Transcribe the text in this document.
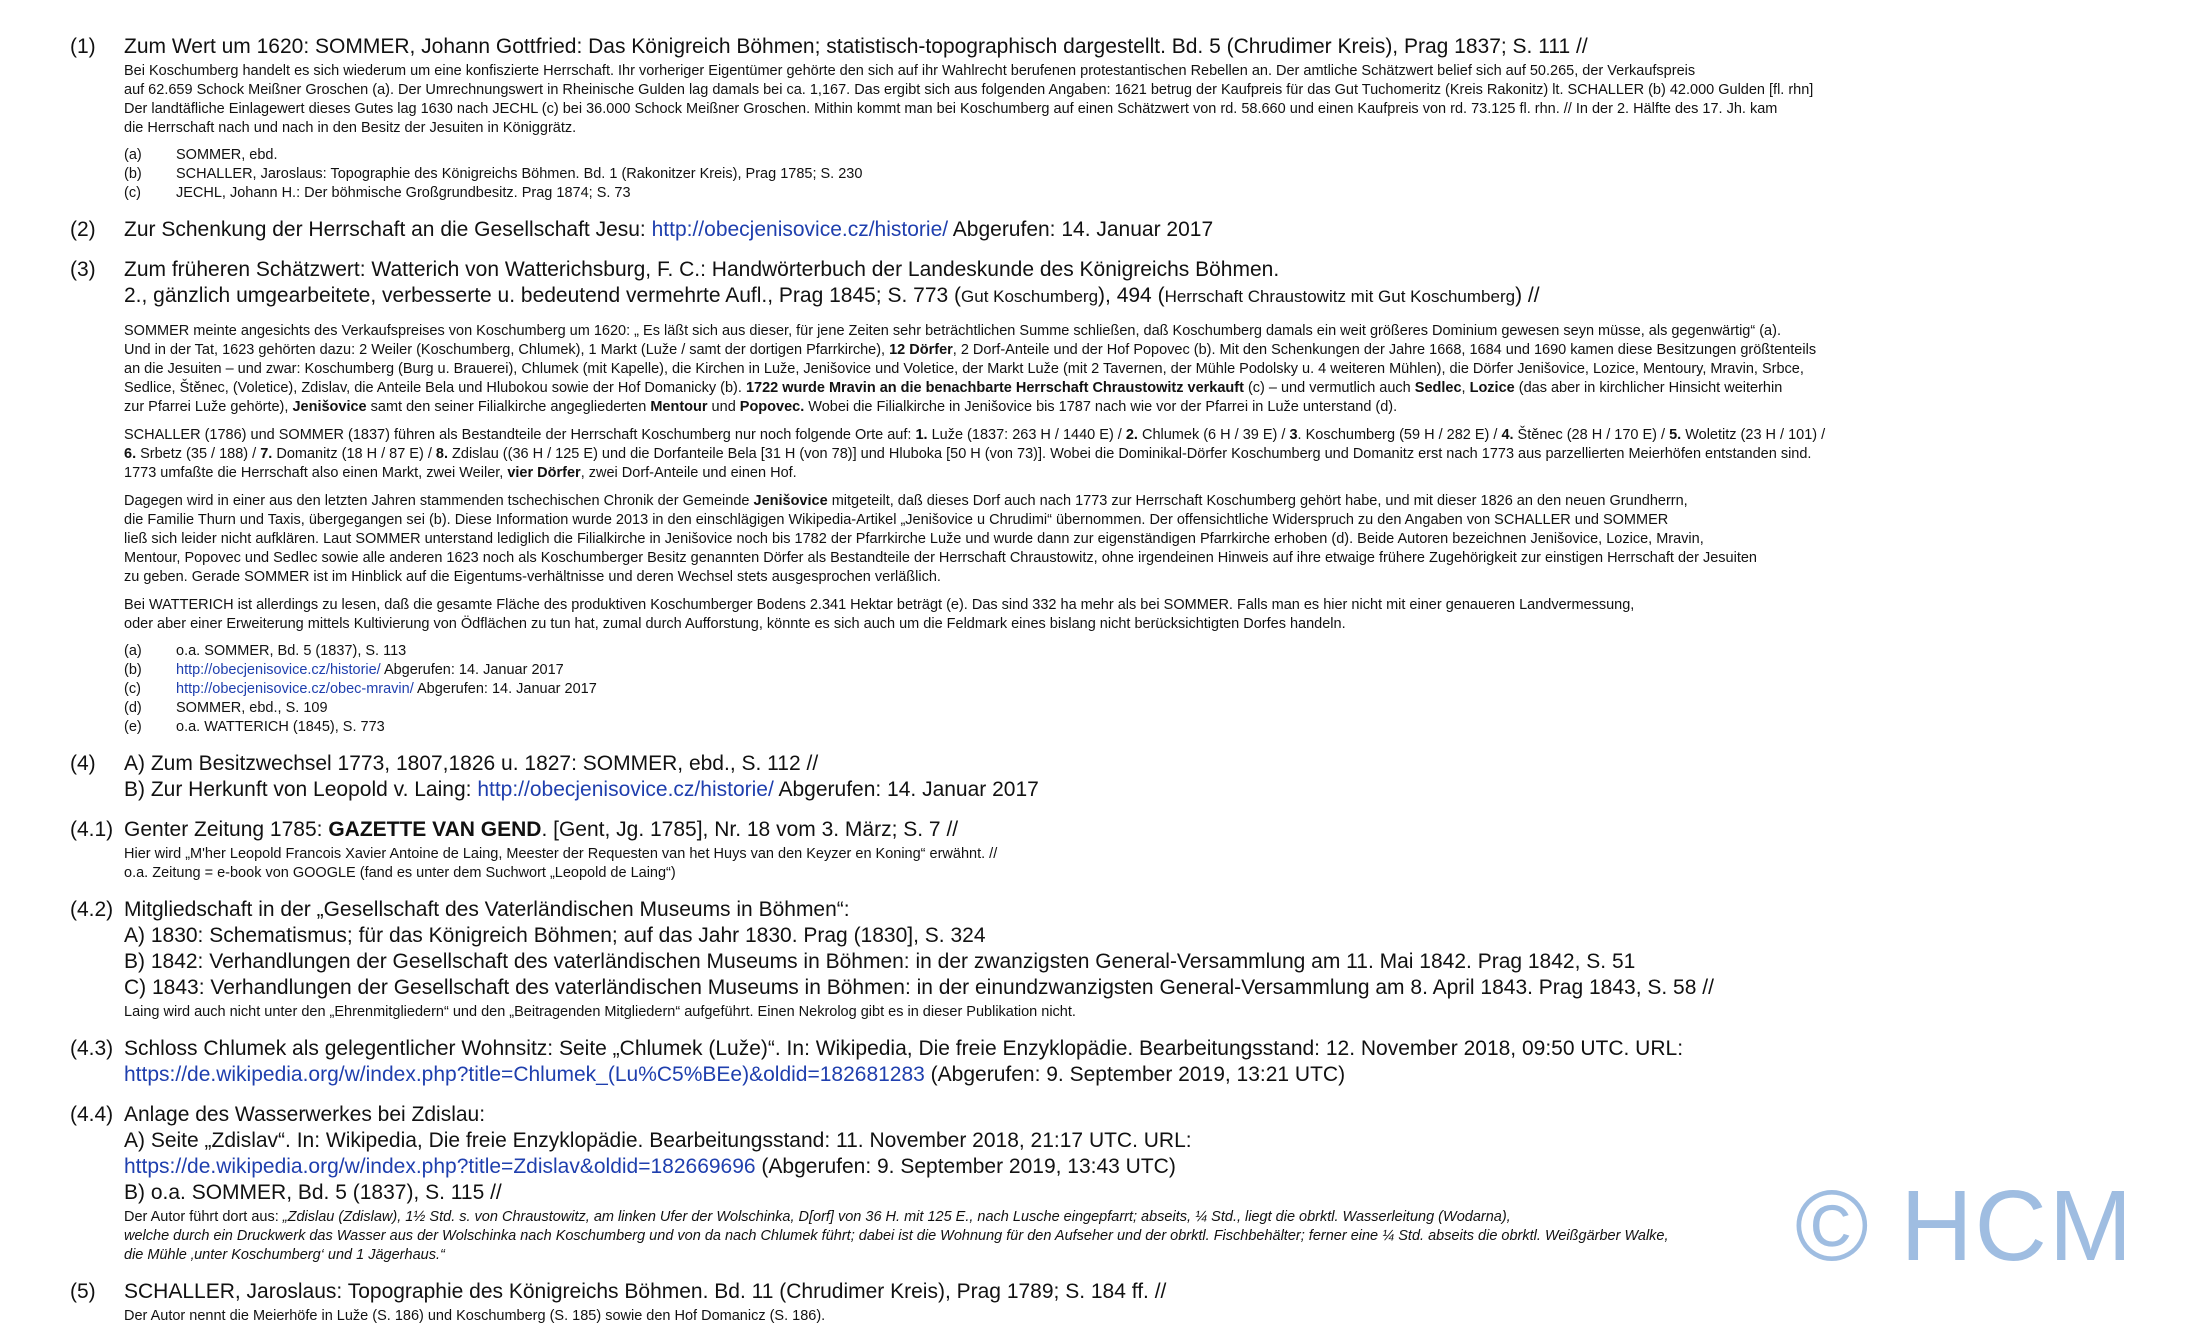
(1)	Zum Wert um 1620: SOMMER, Johann Gottfried: Das Königreich Böhmen; statistisch-topographisch dargestellt. Bd. 5 (Chrudimer Kreis), Prag 1837; S. 111 //
Bei Koschumberg handelt es sich wiederum um eine konfiszierte Herrschaft. Ihr vorheriger Eigentümer gehörte den sich auf ihr Wahlrecht berufenen protestantischen Rebellen an. Der amtliche Schätzwert belief sich auf 50.265, der Verkaufspreis
auf 62.659 Schock Meißner Groschen (a). Der Umrechnungswert in Rheinische Gulden lag damals bei ca. 1,167. Das ergibt sich aus folgenden Angaben: 1621 betrug der Kaufpreis für das Gut Tuchomeritz (Kreis Rakonitz) lt. SCHALLER (b) 42.000 Gulden [fl. rhn]
Der landtäfliche Einlagewert dieses Gutes lag 1630 nach JECHL (c) bei 36.000 Schock Meißner Groschen. Mithin kommt man bei Koschumberg auf einen Schätzwert von rd. 58.660 und einen Kaufpreis von rd. 73.125 fl. rhn. // In der 2. Hälfte des 17. Jh. kam
die Herrschaft nach und nach in den Besitz der Jesuiten in Königgrätz.
(a)	SOMMER, ebd.
(b)	SCHALLER, Jaroslaus: Topographie des Königreichs Böhmen. Bd. 1 (Rakonitzer Kreis), Prag 1785; S. 230
(c)	JECHL, Johann H.: Der böhmische Großgrundbesitz. Prag 1874; S. 73
(2)	Zur Schenkung der Herrschaft an die Gesellschaft Jesu: http://obecjenisovice.cz/historie/ Abgerufen: 14. Januar 2017
(3)	Zum früheren Schätzwert: Watterich von Watterichsburg, F. C.: Handwörterbuch der Landeskunde des Königreichs Böhmen.
2., gänzlich umgearbeitete, verbesserte u. bedeutend vermehrte Aufl., Prag 1845; S. 773 (Gut Koschumberg), 494 (Herrschaft Chraustowitz mit Gut Koschumberg) //

SOMMER meinte angesichts des Verkaufspreises von Koschumberg um 1620: „ Es läßt sich aus dieser, für jene Zeiten sehr beträchtlichen Summe schließen, daß Koschumberg damals ein weit größeres Dominium gewesen seyn müsse, als gegenwärtig“ (a).
Und in der Tat, 1623 gehörten dazu: 2 Weiler (Koschumberg, Chlumek), 1 Markt (Luže / samt der dortigen Pfarrkirche), 12 Dörfer, 2 Dorf-Anteile und der Hof Popovec (b). Mit den Schenkungen der Jahre 1668, 1684 und 1690 kamen diese Besitzungen größtenteils
an die Jesuiten – und zwar: Koschumberg (Burg u. Brauerei), Chlumek (mit Kapelle), die Kirchen in Luže, Jenišovice und Voletice, der Markt Luže (mit 2 Tavernen, der Mühle Podolsky u. 4 weiteren Mühlen), die Dörfer Jenišovice, Lozice, Mentoury, Mravin, Srbce,
Sedlice, Štěnec, (Voletice), Zdislav, die Anteile Bela und Hlubokou sowie der Hof Domanicky (b). 1722 wurde Mravin an die benachbarte Herrschaft Chraustowitz verkauft (c) – und vermutlich auch Sedlec, Lozice (das aber in kirchlicher Hinsicht weiterhin
zur Pfarrei Luže gehörte), Jenišovice samt den seiner Filialkirche angegliederten Mentour und Popovec. Wobei die Filialkirche in Jenišovice bis 1787 nach wie vor der Pfarrei in Luže unterstand (d).

SCHALLER (1786) und SOMMER (1837) führen als Bestandteile der Herrschaft Koschumberg nur noch folgende Orte auf: 1. Luže (1837: 263 H / 1440 E) / 2. Chlumek (6 H / 39 E) / 3. Koschumberg (59 H / 282 E) / 4. Štěnec (28 H / 170 E) / 5. Woletitz (23 H / 101) /
6. Srbetz (35 / 188) / 7. Domanitz (18 H / 87 E) / 8. Zdislau ((36 H / 125 E) und die Dorfanteile Bela [31 H (von 78)] und Hluboka [50 H (von 73)]. Wobei die Dominikal-Dörfer Koschumberg und Domanitz erst nach 1773 aus parzellierten Meierhöfen entstanden sind.
1773 umfaßte die Herrschaft also einen Markt, zwei Weiler, vier Dörfer, zwei Dorf-Anteile und einen Hof.

Dagegen wird in einer aus den letzten Jahren stammenden tschechischen Chronik der Gemeinde Jenišovice mitgeteilt, daß dieses Dorf auch nach 1773 zur Herrschaft Koschumberg gehört habe, und mit dieser 1826 an den neuen Grundherrn,
die Familie Thurn und Taxis, übergegangen sei (b). Diese Information wurde 2013 in den einschlägigen Wikipedia-Artikel „Jenišovice u Chrudimi“ übernommen. Der offensichtliche Widerspruch zu den Angaben von SCHALLER und SOMMER
ließ sich leider nicht aufklären. Laut SOMMER unterstand lediglich die Filialkirche in Jenišovice noch bis 1782 der Pfarrkirche Luže und wurde dann zur eigenständigen Pfarrkirche erhoben (d). Beide Autoren bezeichnen Jenišovice, Lozice, Mravin,
Mentour, Popovec und Sedlec sowie alle anderen 1623 noch als Koschumberger Besitz genannten Dörfer als Bestandteile der Herrschaft Chraustowitz, ohne irgendeinen Hinweis auf ihre etwaige frühere Zugehörigkeit zur einstigen Herrschaft der Jesuiten
zu geben. Gerade SOMMER ist im Hinblick auf die Eigentums-verhältnisse und deren Wechsel stets ausgesprochen verläßlich.

Bei WATTERICH ist allerdings zu lesen, daß die gesamte Fläche des produktiven Koschumberger Bodens 2.341 Hektar beträgt (e). Das sind 332 ha mehr als bei SOMMER. Falls man es hier nicht mit einer genaueren Landvermessung,
oder aber einer Erweiterung mittels Kultivierung von Ödflächen zu tun hat, zumal durch Aufforstung, könnte es sich auch um die Feldmark eines bislang nicht berücksichtigten Dorfes handeln.

(a)	o.a. SOMMER, Bd. 5 (1837), S. 113
(b)	http://obecjenisovice.cz/historie/ Abgerufen: 14. Januar 2017
(c)	http://obecjenisovice.cz/obec-mravin/ Abgerufen: 14. Januar 2017
(d)	SOMMER, ebd., S. 109
(e)	o.a. WATTERICH (1845), S. 773
(4)	A) Zum Besitzwechsel 1773, 1807,1826 u. 1827: SOMMER, ebd., S. 112 //
B) Zur Herkunft von Leopold v. Laing: http://obecjenisovice.cz/historie/ Abgerufen: 14. Januar 2017
(4.1) Genter Zeitung 1785: GAZETTE VAN GEND. [Gent, Jg. 1785], Nr. 18 vom 3. März; S. 7 //
Hier wird „M'her Leopold Francois Xavier Antoine de Laing, Meester der Requesten van het Huys van den Keyzer en Koning“ erwähnt. //
o.a. Zeitung = e-book von GOOGLE (fand es unter dem Suchwort „Leopold de Laing“)
(4.2) Mitgliedschaft in der „Gesellschaft des Vaterländischen Museums in Böhmen“:
A) 1830: Schematismus; für das Königreich Böhmen; auf das Jahr 1830. Prag (1830], S. 324
B) 1842: Verhandlungen der Gesellschaft des vaterländischen Museums in Böhmen: in der zwanzigsten General-Versammlung am 11. Mai 1842. Prag 1842, S. 51
C) 1843: Verhandlungen der Gesellschaft des vaterländischen Museums in Böhmen: in der einundzwanzigsten General-Versammlung am 8. April 1843. Prag 1843, S. 58 //
Laing wird auch nicht unter den „Ehrenmitgliedern“ und den „Beitragenden Mitgliedern“ aufgeführt. Einen Nekrolog gibt es in dieser Publikation nicht.
(4.3) Schloss Chlumek als gelegentlicher Wohnsitz: Seite „Chlumek (Luže)“. In: Wikipedia, Die freie Enzyklopädie. Bearbeitungsstand: 12. November 2018, 09:50 UTC. URL:
https://de.wikipedia.org/w/index.php?title=Chlumek_(Lu%C5%BEe)&oldid=182681283 (Abgerufen: 9. September 2019, 13:21 UTC)
(4.4) Anlage des Wasserwerkes bei Zdislau:
A) Seite „Zdislav“. In: Wikipedia, Die freie Enzyklopädie. Bearbeitungsstand: 11. November 2018, 21:17 UTC. URL:
https://de.wikipedia.org/w/index.php?title=Zdislav&oldid=182669696 (Abgerufen: 9. September 2019, 13:43 UTC)
B) o.a. SOMMER, Bd. 5 (1837), S. 115 //
Der Autor führt dort aus: „Zdislau (Zdislaw), 1½ Std. s. von Chraustowitz, am linken Ufer der Wolschinka, D[orf] von 36 H. mit 125 E., nach Lusche eingepfarrt; abseits, ¼ Std., liegt die obrktl. Wasserleitung (Wodarna),
welche durch ein Druckwerk das Wasser aus der Wolschinka nach Koschumberg und von da nach Chlumek führt; dabei ist die Wohnung für den Aufseher und der obrktl. Fischbehälter; ferner eine ¼ Std. abseits die obrktl. Weißgärber Walke,
die Mühle ‚unter Koschumberg‘ und 1 Jägerhaus.“
(5)	SCHALLER, Jaroslaus: Topographie des Königreichs Böhmen. Bd. 11 (Chrudimer Kreis), Prag 1789; S. 184 ff. //
Der Autor nennt die Meierhöfe in Luže (S. 186) und Koschumberg (S. 185) sowie den Hof Domanicz (S. 186).
© HCM
